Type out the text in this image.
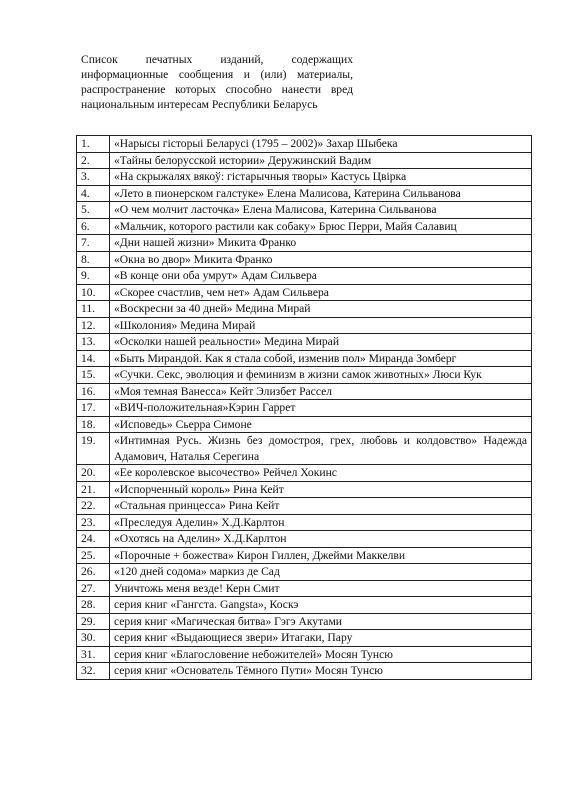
Список печатных изданий, содержащих информационные сообщения и (или) материалы, распространение которых способно нанести вред национальным интересам Республики Беларусь
1.	«Нарысы гісторыі Беларусі (1795 – 2002)» Захар Шыбека
2.	«Тайны белорусской истории» Деружинский Вадим
3.	«На скрыжалях вякоў: гістарычныя творы» Кастусь Цвірка
4.	«Лето в пионерском галстуке» Елена Малисова, Катерина Сильванова
5.	«О чем молчит ласточка» Елена Малисова, Катерина Сильванова
6.	«Мальчик, которого растили как собаку» Брюс Перри, Майя Салавиц
7.	«Дни нашей жизни» Микита Франко
8.	«Окна во двор» Микита Франко
9.	«В конце они оба умрут» Адам Сильвера
10.	«Скорее счастлив, чем нет» Адам Сильвера
11.	«Воскресни за 40 дней» Медина Мирай
12.	«Школония» Медина Мирай
13.	«Осколки нашей реальности» Медина Мирай
14.	«Быть Мирандой. Как я стала собой, изменив пол» Миранда Зомберг
15.	«Сучки. Секс, эволюция и феминизм в жизни самок животных» Люси Кук
16.	«Моя темная Ванесса» Кейт Элизбет Рассел
17.	«ВИЧ-положительная»Кэрин Гаррет
18.	«Исповедь» Сьерра Симоне
19.	«Интимная Русь. Жизнь без домостроя, грех, любовь и колдовство» Надежда Адамович, Наталья Серегина
20.	«Ее королевское высочество» Рейчел Хокинс
21.	«Испорченный король» Рина Кейт
22.	«Стальная принцесса» Рина Кейт
23.	«Преследуя Аделин» Х.Д.Карлтон
24.	«Охотясь на Аделин» Х.Д.Карлтон
25.	«Порочные + божества» Кирон Гиллен, Джейми Маккелви
26.	«120 дней содома» маркиз де Сад
27.	Уничтожь меня везде! Керн Смит
28.	серия книг «Гангста. Gangsta», Коскэ
29.	серия книг «Магическая битва» Гэгэ Акутами
30.	серия книг «Выдающиеся звери» Итагаки, Пару
31.	серия книг «Благословение небожителей» Мосян Тунсю
32.	серия книг «Основатель Тёмного Пути» Мосян Тунсю
